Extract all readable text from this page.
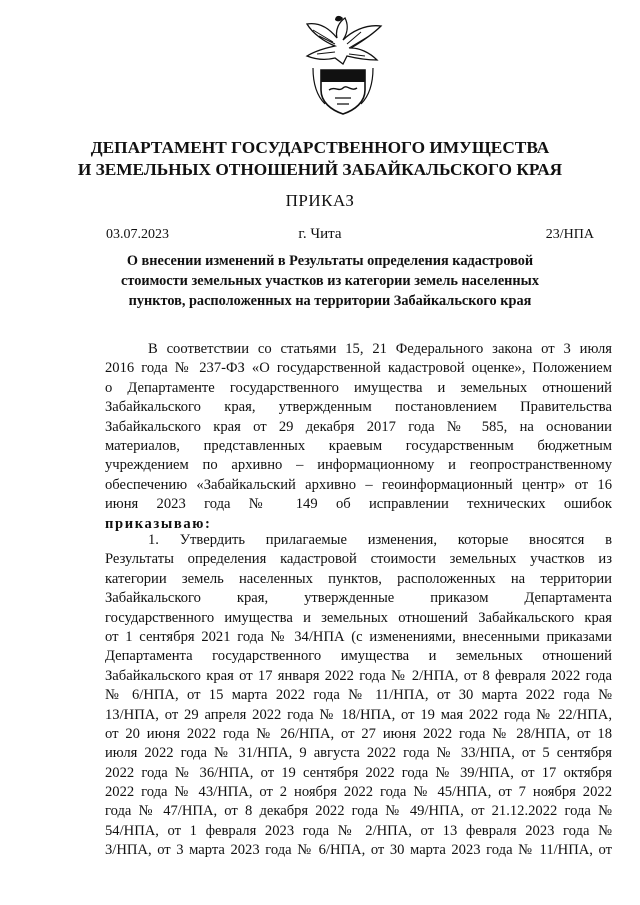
ДЕПАРТАМЕНТ ГОСУДАРСТВЕННОГО ИМУЩЕСТВА
И ЗЕМЕЛЬНЫХ ОТНОШЕНИЙ ЗАБАЙКАЛЬСКОГО КРАЯ
ПРИКАЗ
03.07.2023	г. Чита	23/НПА
О внесении изменений в Результаты определения кадастровой
стоимости земельных участков из категории земель населенных
пунктов, расположенных на территории Забайкальского края
В соответствии со статьями 15, 21 Федерального закона от 3 июля
2016 года № 237-ФЗ «О государственной кадастровой оценке», Положением
о Департаменте государственного имущества и земельных отношений
Забайкальского края, утвержденным постановлением Правительства
Забайкальского края от 29 декабря 2017 года № 585, на основании
материалов, представленных краевым государственным бюджетным
учреждением по архивно – информационному и геопространственному
обеспечению «Забайкальский архивно – геоинформационный центр» от 16
июня 2023 года № 149 об исправлении технических ошибок
приказываю:
1. Утвердить прилагаемые изменения, которые вносятся в
Результаты определения кадастровой стоимости земельных участков из
категории земель населенных пунктов, расположенных на территории
Забайкальского края, утвержденные приказом Департамента
государственного имущества и земельных отношений Забайкальского края
от 1 сентября 2021 года № 34/НПА (с изменениями, внесенными приказами
Департамента государственного имущества и земельных отношений
Забайкальского края от 17 января 2022 года № 2/НПА, от 8 февраля 2022 года
№ 6/НПА, от 15 марта 2022 года № 11/НПА, от 30 марта 2022 года №
13/НПА, от 29 апреля 2022 года № 18/НПА, от 19 мая 2022 года № 22/НПА,
от 20 июня 2022 года № 26/НПА, от 27 июня 2022 года № 28/НПА, от 18
июля 2022 года № 31/НПА, 9 августа 2022 года № 33/НПА, от 5 сентября
2022 года № 36/НПА, от 19 сентября 2022 года № 39/НПА, от 17 октября
2022 года № 43/НПА, от 2 ноября 2022 года № 45/НПА, от 7 ноября 2022
года № 47/НПА, от 8 декабря 2022 года № 49/НПА, от 21.12.2022 года №
54/НПА, от 1 февраля 2023 года № 2/НПА, от 13 февраля 2023 года №
3/НПА, от 3 марта 2023 года № 6/НПА, от 30 марта 2023 года № 11/НПА, от
